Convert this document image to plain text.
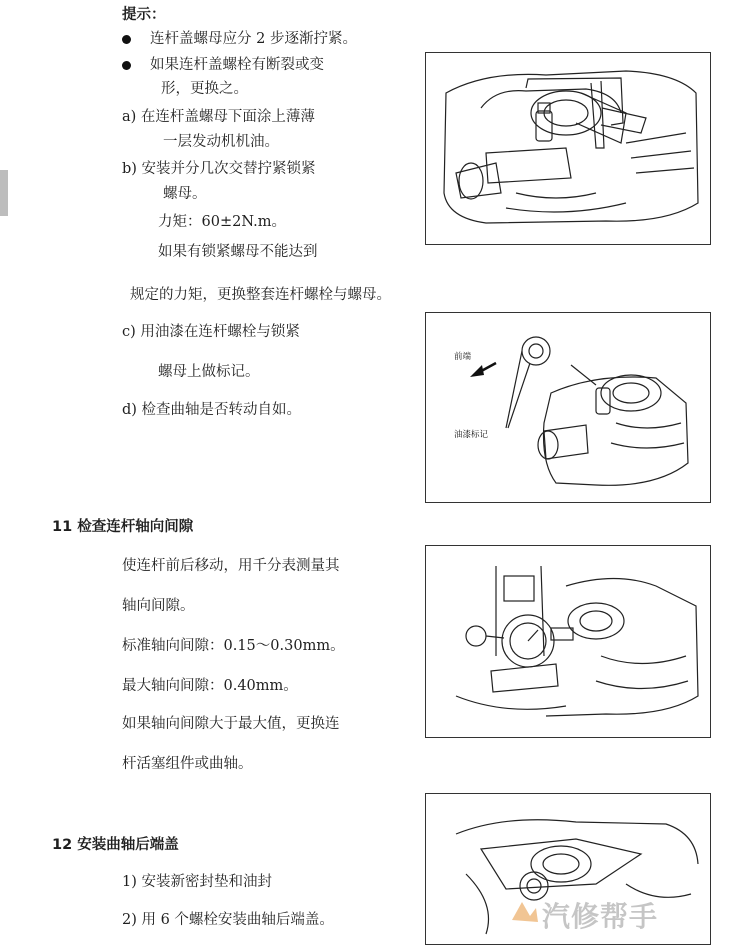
提示：
连杆盖螺母应分 2 步逐渐拧紧。
如果连杆盖螺栓有断裂或变
形，更换之。
a) 在连杆盖螺母下面涂上薄薄
一层发动机机油。
b) 安装并分几次交替拧紧锁紧
螺母。
力矩：60±2N.m。
如果有锁紧螺母不能达到
规定的力矩，更换整套连杆螺栓与螺母。
c) 用油漆在连杆螺栓与锁紧
螺母上做标记。
d) 检查曲轴是否转动自如。
前端
油漆标记
11 检查连杆轴向间隙
使连杆前后移动，用千分表测量其
轴向间隙。
标准轴向间隙：0.15～0.30mm。
最大轴向间隙：0.40mm。
如果轴向间隙大于最大值，更换连
杆活塞组件或曲轴。
12 安装曲轴后端盖
1) 安装新密封垫和油封
2) 用 6 个螺栓安装曲轴后端盖。	汽修帮手
